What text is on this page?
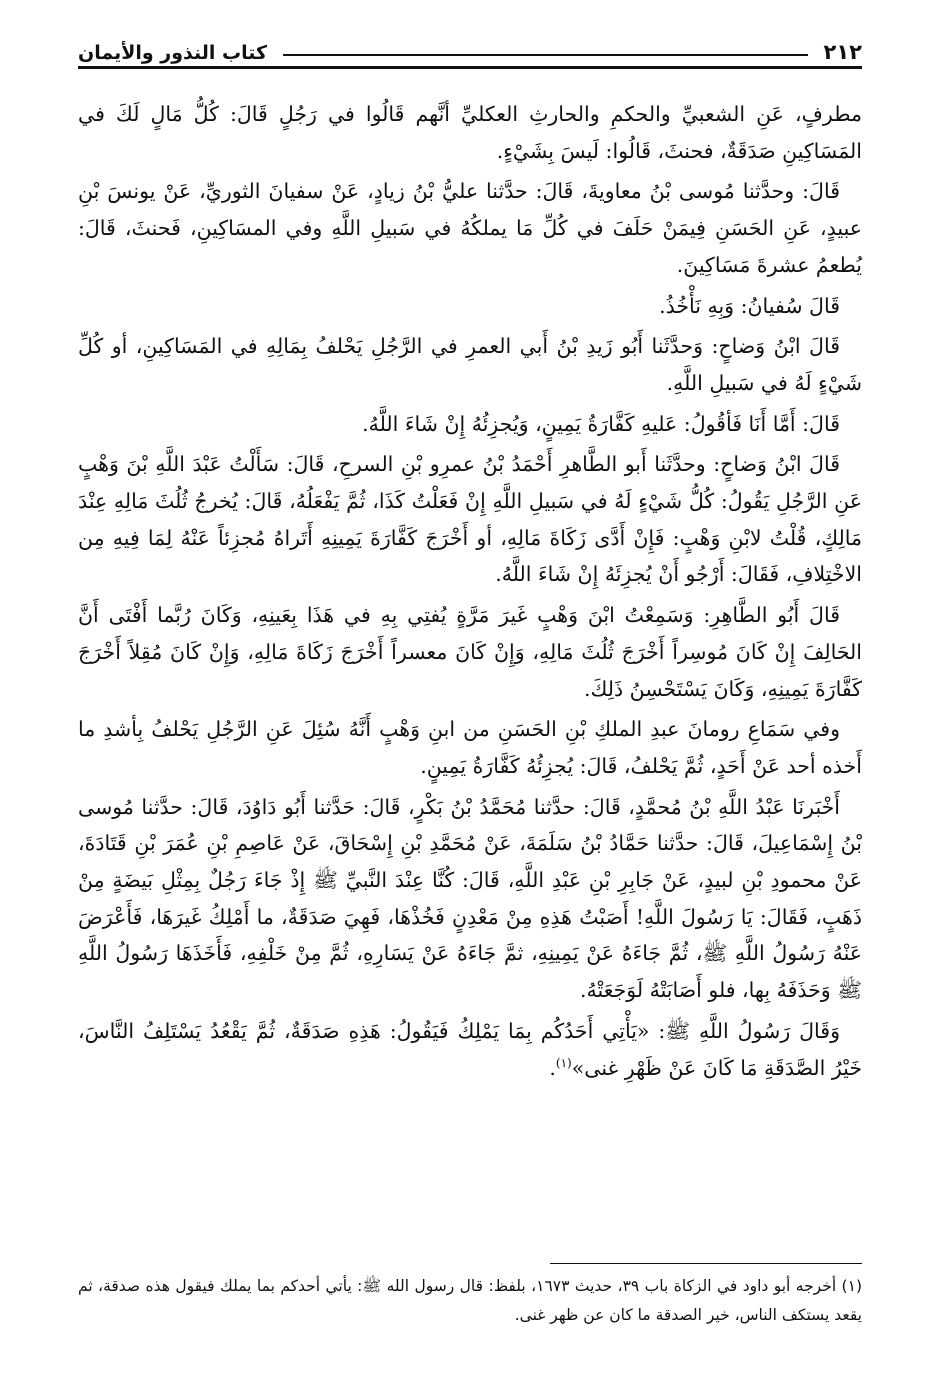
٢١٢
كتاب النذور والأيمان

مطرفٍ، عَنِ الشعبيِّ والحكمِ والحارثِ العكليِّ أنَّهم قَالُوا في رَجُلٍ قَالَ: كُلُّ مَالٍ لَكَ في المَسَاكِينِ صَدَقَةٌ، فحنثَ، قَالُوا: لَيسَ بِشَيْءٍ.

قَالَ: وحدَّثنا مُوسى بْنُ معاويةَ، قَالَ: حدَّثنا عليُّ بْنُ زيادٍ، عَنْ سفيانَ الثوريِّ، عَنْ يونسَ بْنِ عبيدٍ، عَنِ الحَسَنِ فِيمَنْ حَلَفَ في كُلِّ مَا يملكُهُ في سَبيلِ اللَّهِ وفي المسَاكِينِ، فَحنثَ، قَالَ: يُطعمُ عشرةَ مَسَاكِينَ.

قَالَ سُفيانُ: وَبِهِ نَأْخُذُ.

قَالَ ابْنُ وَضاحٍ: وَحدَّثَنا أَبُو زَيدِ بْنُ أَبي العمرِ في الرَّجُلِ يَحْلفُ بِمَالِهِ في المَسَاكِينِ، أو كُلِّ شَيْءٍ لَهُ في سَبيلِ اللَّهِ.

قَالَ: أَمَّا أَنَا فَأقُولُ: عَليهِ كَفَّارَةُ يَمِينٍ، وَيُجزِئُهُ إِنْ شَاءَ اللَّهُ.

قَالَ ابْنُ وَضاحٍ: وحدَّثَنا أَبو الطَّاهرِ أَحْمَدُ بْنُ عمرِو بْنِ السرحِ، قَالَ: سَأَلْتُ عَبْدَ اللَّهِ بْنَ وَهْبٍ عَنِ الرَّجُلِ يَقُولُ: كُلُّ شَيْءٍ لَهُ في سَبيلِ اللَّهِ إِنْ فَعَلْتُ كَذَا، ثُمَّ يَفْعَلُهُ، قَالَ: يُخرجُ ثُلُثَ مَالِهِ عِنْدَ مَالِكٍ، قُلْتُ لابْنِ وَهْبٍ: فَإِنْ أَدَّى زَكَاةَ مَالِهِ، أو أَخْرَجَ كَفَّارَةَ يَمِينِهِ أَتَراهُ مُجزِئاً عَنْهُ لِمَا فِيهِ مِن الاخْتِلافِ، فَقَالَ: أَرْجُو أَنْ يُجزِئَهُ إِنْ شَاءَ اللَّهُ.

قَالَ أَبُو الطَّاهِرِ: وَسَمِعْتُ ابْنَ وَهْبٍ غَيرَ مَرَّةٍ يُفتِي بِهِ في هَذَا بِعَينِهِ، وَكَانَ رُبَّما أَفْتَى أَنَّ الحَالِفَ إِنْ كَانَ مُوسِراً أَخْرَجَ ثُلُثَ مَالِهِ، وَإِنْ كَانَ معسراً أَخْرَجَ زَكَاةَ مَالِهِ، وَإِنْ كَانَ مُقِلاً أَخْرَجَ كَفَّارَةَ يَمِينِهِ، وَكَانَ يَسْتَحْسِنُ ذَلِكَ.

وفي سَمَاعِ رومانَ عبدِ الملكِ بْنِ الحَسَنِ من ابنِ وَهْبٍ أَنَّهُ سُئِلَ عَنِ الرَّجُلِ يَحْلفُ بِأشدِ ما أَخذه أحد عَنْ أَحَدٍ، ثُمَّ يَحْلفُ، قَالَ: يُجزِئُهُ كَفَّارَةُ يَمِينٍ.

أَخْبَرنَا عَبْدُ اللَّهِ بْنُ مُحمَّدٍ، قَالَ: حدَّثنا مُحَمَّدُ بْنُ بَكْرٍ، قَالَ: حَدَّثنا أَبُو دَاوُدَ، قَالَ: حدَّثنا مُوسى بْنُ إِسْمَاعِيلَ، قَالَ: حدَّثنا حَمَّادُ بْنُ سَلَمَةَ، عَنْ مُحَمَّدِ بْنِ إِسْحَاقَ، عَنْ عَاصِمِ بْنِ عُمَرَ بْنِ قَتَادَةَ، عَنْ محمودِ بْنِ لبيدٍ، عَنْ جَابِرِ بْنِ عَبْدِ اللَّهِ، قَالَ: كُنَّا عِنْدَ النَّبيِّ ﷺ إِذْ جَاءَ رَجُلٌ بِمِثْلِ بَيضَةٍ مِنْ ذَهَبٍ، فَقَالَ: يَا رَسُولَ اللَّهِ! أَصَبْتُ هَذِهِ مِنْ مَعْدِنٍ فَخُذْهَا، فَهِيَ صَدَقَةٌ، ما أَمْلِكُ غَيرَهَا، فَأَعْرَضَ عَنْهُ رَسُولُ اللَّهِ ﷺ، ثُمَّ جَاءَهُ عَنْ يَمِينِهِ، ثمَّ جَاءَهُ عَنْ يَسَارِهِ، ثُمَّ مِنْ خَلْفِهِ، فَأَخَذَهَا رَسُولُ اللَّهِ ﷺ وَحَذَفَهُ بِها، فلو أَصَابَتْهُ لَوَجَعَتْهُ.

وَقَالَ رَسُولُ اللَّهِ ﷺ: «يَأْتِي أَحَدُكُم بِمَا يَمْلِكُ فَيَقُولُ: هَذِهِ صَدَقَةٌ، ثُمَّ يَقْعُدُ يَسْتَلِفُ النَّاسَ، خَيْرُ الصَّدَقَةِ مَا كَانَ عَنْ ظَهْرِ غنى»$^{(١)}$.

(١) أخرجه أبو داود في الزكاة باب ٣٩، حديث ١٦٧٣، بلفظ: قال رسول الله ﷺ: يأتي أحدكم بما يملك فيقول هذه صدقة، ثم يقعد يستكف الناس، خير الصدقة ما كان عن ظهر غنى.
